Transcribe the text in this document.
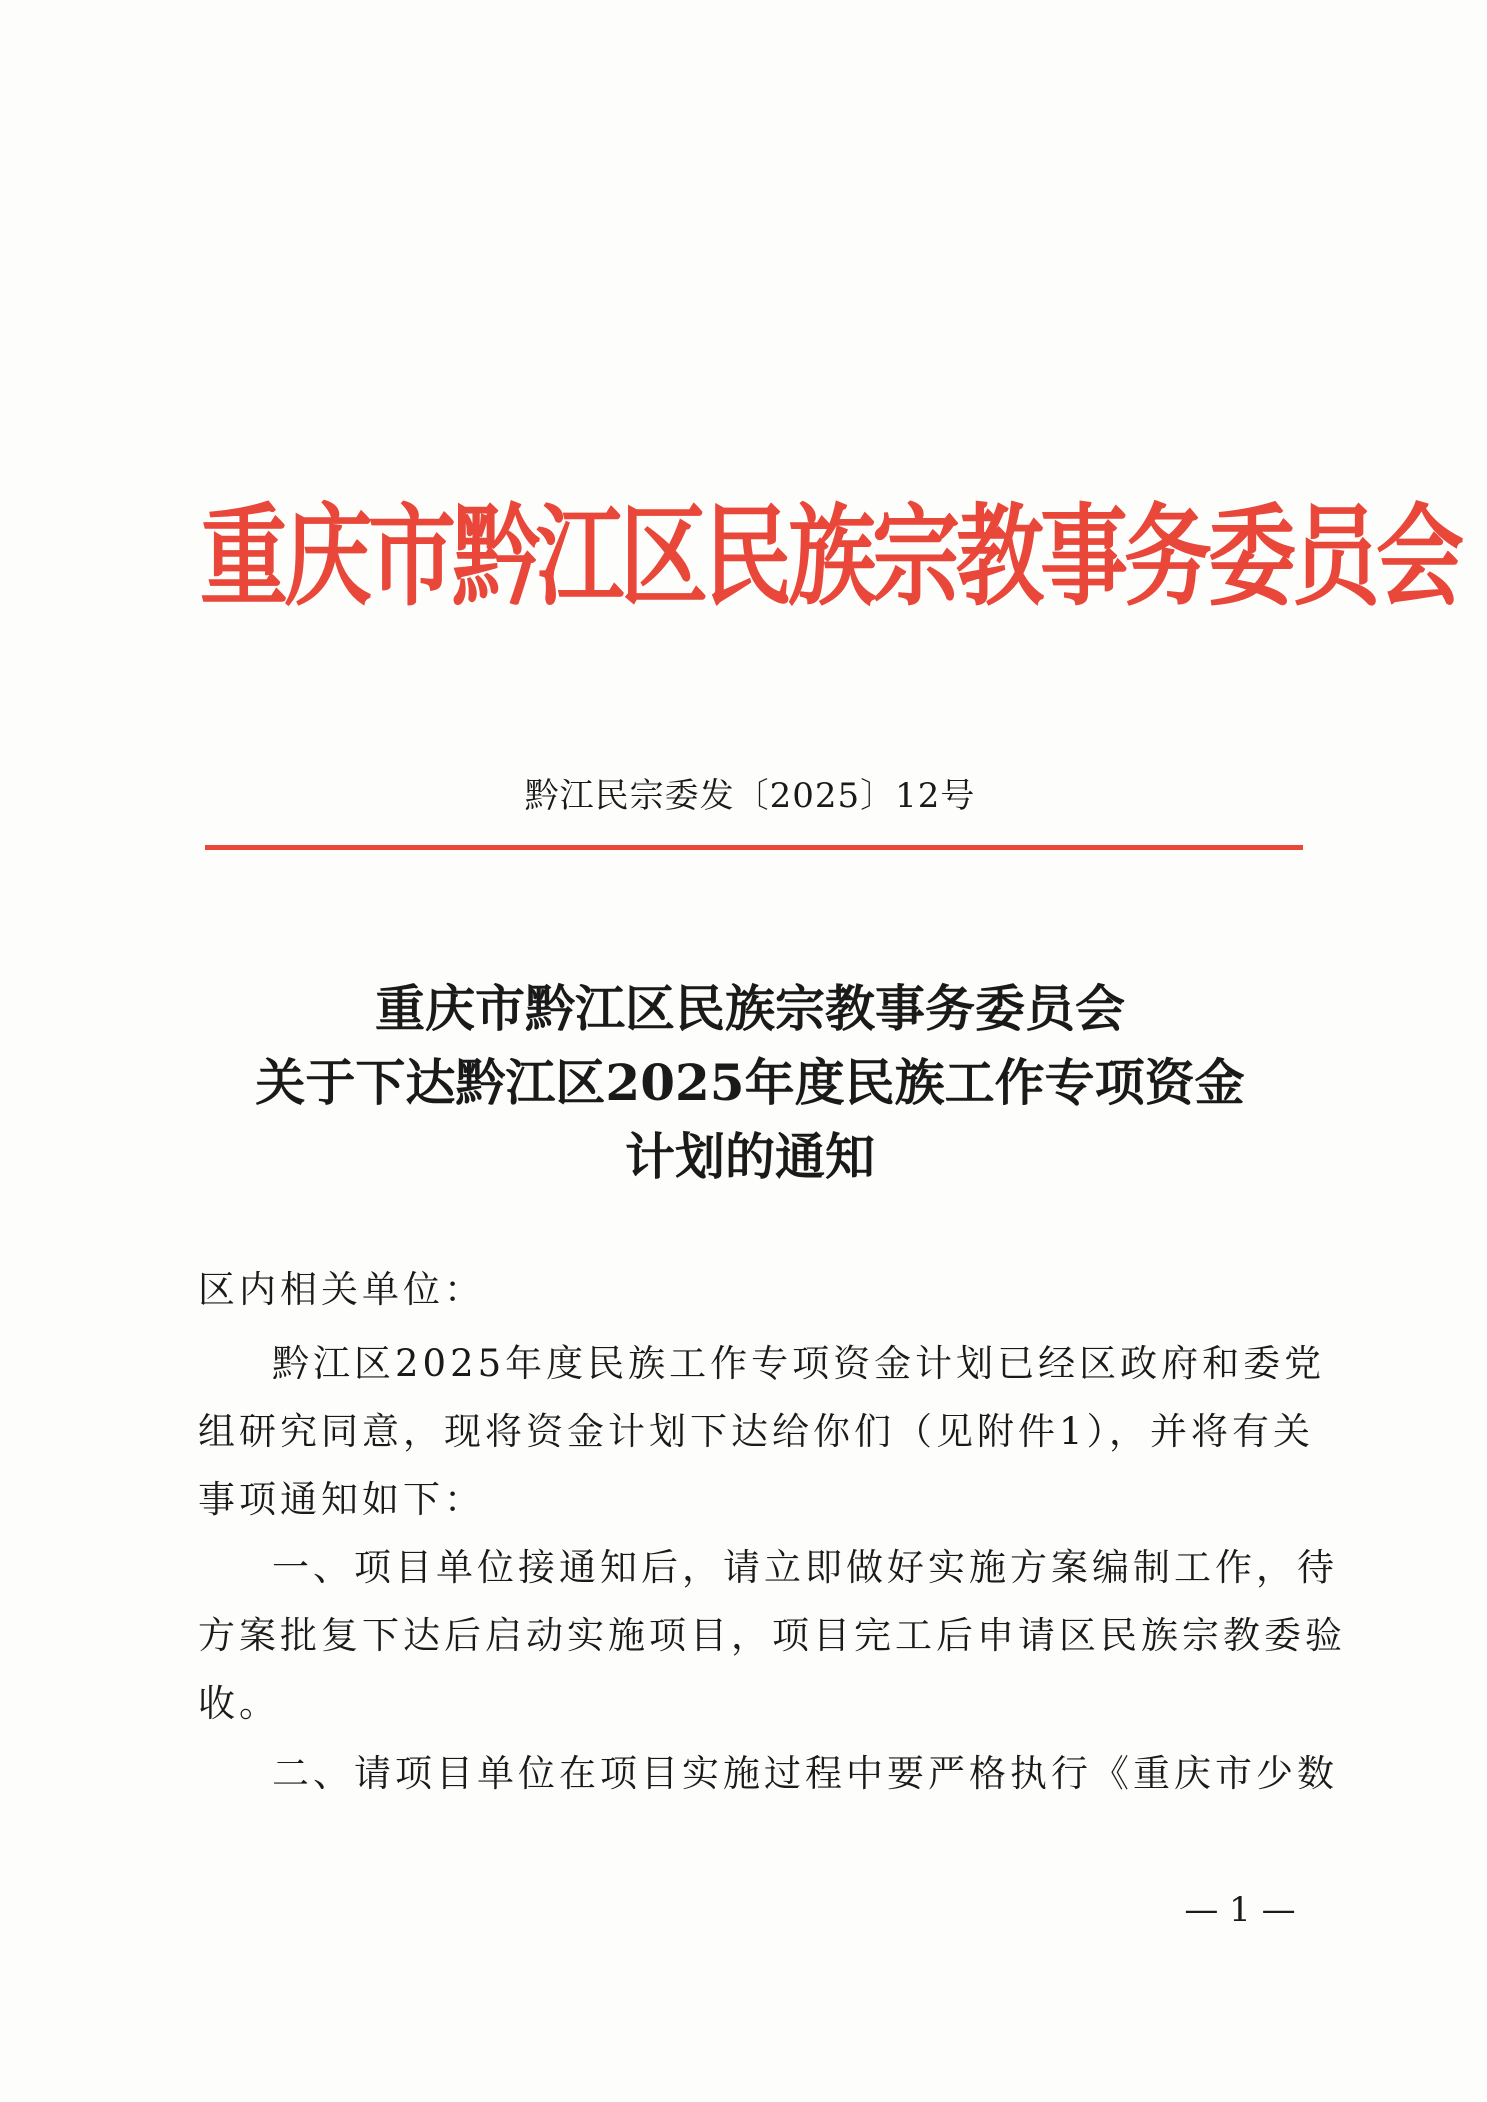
重庆市黔江区民族宗教事务委员会
黔江民宗委发〔2025〕12号
重庆市黔江区民族宗教事务委员会
关于下达黔江区2025年度民族工作专项资金
计划的通知
区内相关单位：
黔江区2025年度民族工作专项资金计划已经区政府和委党
组研究同意，现将资金计划下达给你们（见附件1），并将有关
事项通知如下：
一、项目单位接通知后，请立即做好实施方案编制工作，待
方案批复下达后启动实施项目，项目完工后申请区民族宗教委验
收。
二、请项目单位在项目实施过程中要严格执行《重庆市少数
— 1 —
